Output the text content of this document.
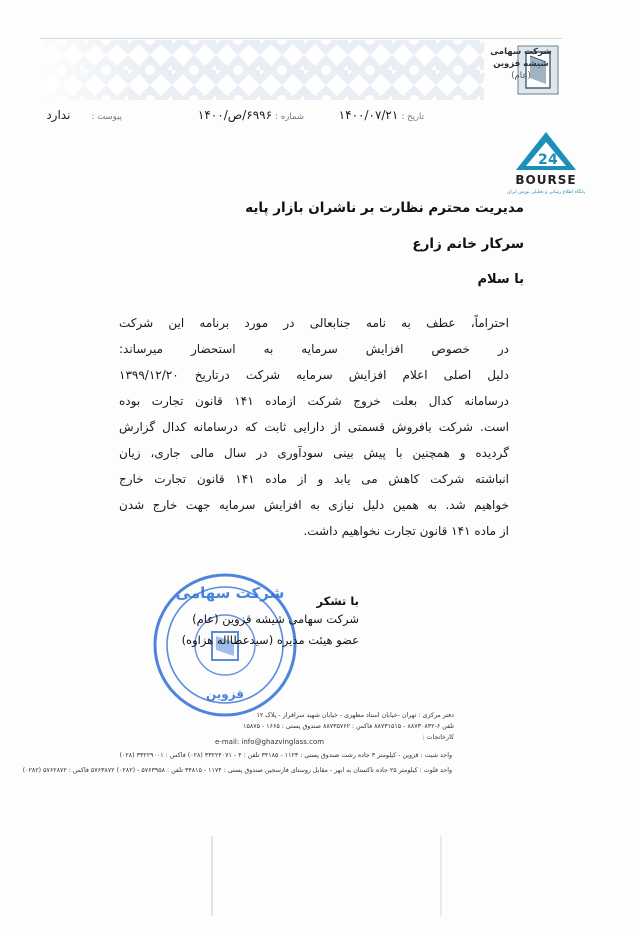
شرکت سهامی
شیشه قزوین
(عام)
تاریخ : ۱۴۰۰/۰۷/۲۱
شماره : ۶۹۹۶/ص/۱۴۰۰
پیوست : ندارد
2 4
BOURSE
پایگاه اطلاع رسانی و تحلیلی بورس ایران
مدیریت محترم نظارت بر ناشران بازار پایه
سرکار خانم زارع
با سلام
احتراماً، عطف به نامه جنابعالی در مورد برنامه این شرکت
در خصوص افزایش سرمایه به استحضار میرساند:
دلیل اصلی اعلام افزایش سرمایه شرکت درتاریخ ۱۳۹۹/۱۲/۲۰
درسامانه کدال بعلت خروج شرکت ازماده ۱۴۱ قانون تجارت بوده
است. شرکت بافروش قسمتی از دارایی ثابت که درسامانه کدال گزارش
گردیده و همچنین با پیش بینی سودآوری در سال مالی جاری، زیان
انباشته شرکت کاهش می یابد و از ماده ۱۴۱ قانون تجارت خارج
خواهیم شد. به همین دلیل نیازی به افزایش سرمایه جهت خارج شدن
از ماده ۱۴۱ قانون تجارت نخواهیم داشت.
شرکت سهامی
قزوین
با تشکر
شرکت سهامی شیشه قزوین (عام)
عضو هیئت مدیره (سیدعطااله هزاوه)
دفتر مرکزی : تهران -خیابان استاد مطهری - خیابان شهید سرافراز - پلاک ۱۲
تلفن ۶-۸۸۷۳۰۸۳۲ - ۸۸۷۳۱۵۱۵ فاکس : ۸۸۷۳۵۷۶۲ صندوق پستی : ۱۶۶۵ - ۱۵۸۷۵
کارخانجات :
e-mail: info@ghazvinglass.com
واحد شیت : قزوین - کیلومتر ۳ جاده رشت صندوق پستی : ۱۱۲۳ - ۳۴۱۸۵ تلفن : ۴ - ۳۳۲۲۴۰۷۱ (۰۲۸) فاکس : ۳۳۲۲۹۰۰۱ (۰۲۸)
واحد فلوت : کیلومتر ۲۵ جاده تاکستان به ابهر - مقابل روستای فارسجین صندوق پستی : ۱۱۷۴ - ۳۴۸۱۵ تلفن : ۵۷۶۳۹۵۸ - (۰۲۸۲) ۵۷۶۳۸۷۲ فاکس : ۵۷۶۲۸۷۲ (۰۲۸۲)
